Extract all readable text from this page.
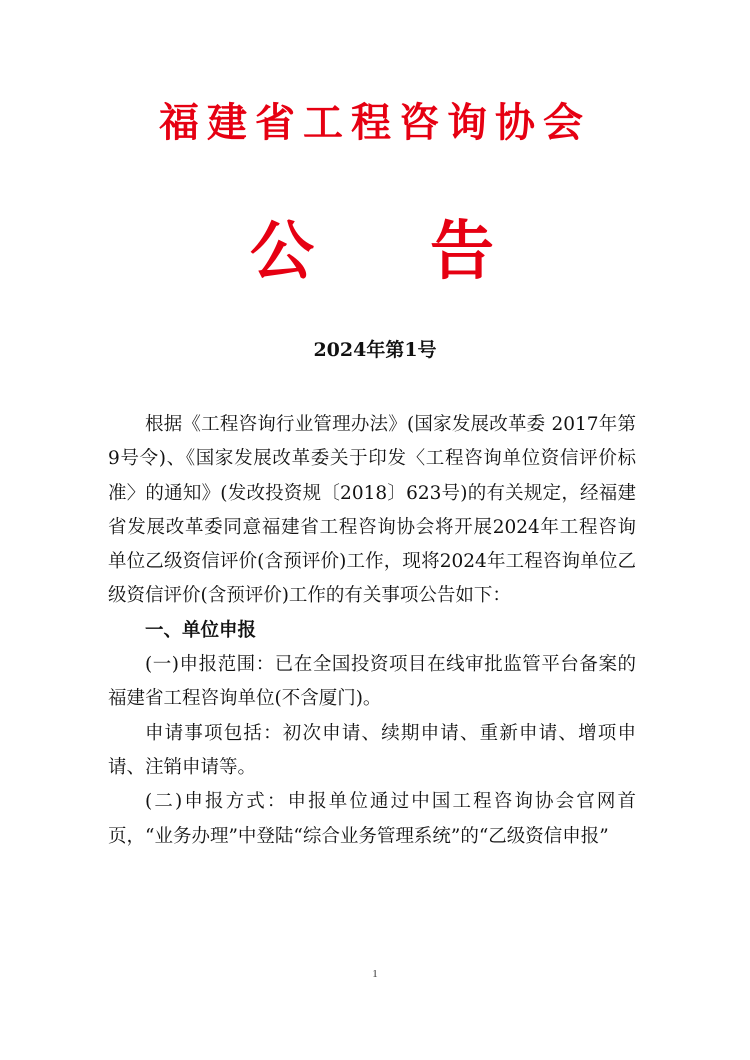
福建省工程咨询协会
公 告
2024年第1号

根据《工程咨询行业管理办法》(国家发展改革委 2017年第9号令)、《国家发展改革委关于印发〈工程咨询单位资信评价标准〉的通知》(发改投资规〔2018〕623号)的有关规定，经福建省发展改革委同意福建省工程咨询协会将开展2024年工程咨询单位乙级资信评价(含预评价)工作，现将2024年工程咨询单位乙级资信评价(含预评价)工作的有关事项公告如下：

一、单位申报

(一)申报范围：已在全国投资项目在线审批监管平台备案的福建省工程咨询单位(不含厦门)。

申请事项包括：初次申请、续期申请、重新申请、增项申请、注销申请等。

(二)申报方式：申报单位通过中国工程咨询协会官网首页，“业务办理”中登陆“综合业务管理系统”的“乙级资信申报”

1
